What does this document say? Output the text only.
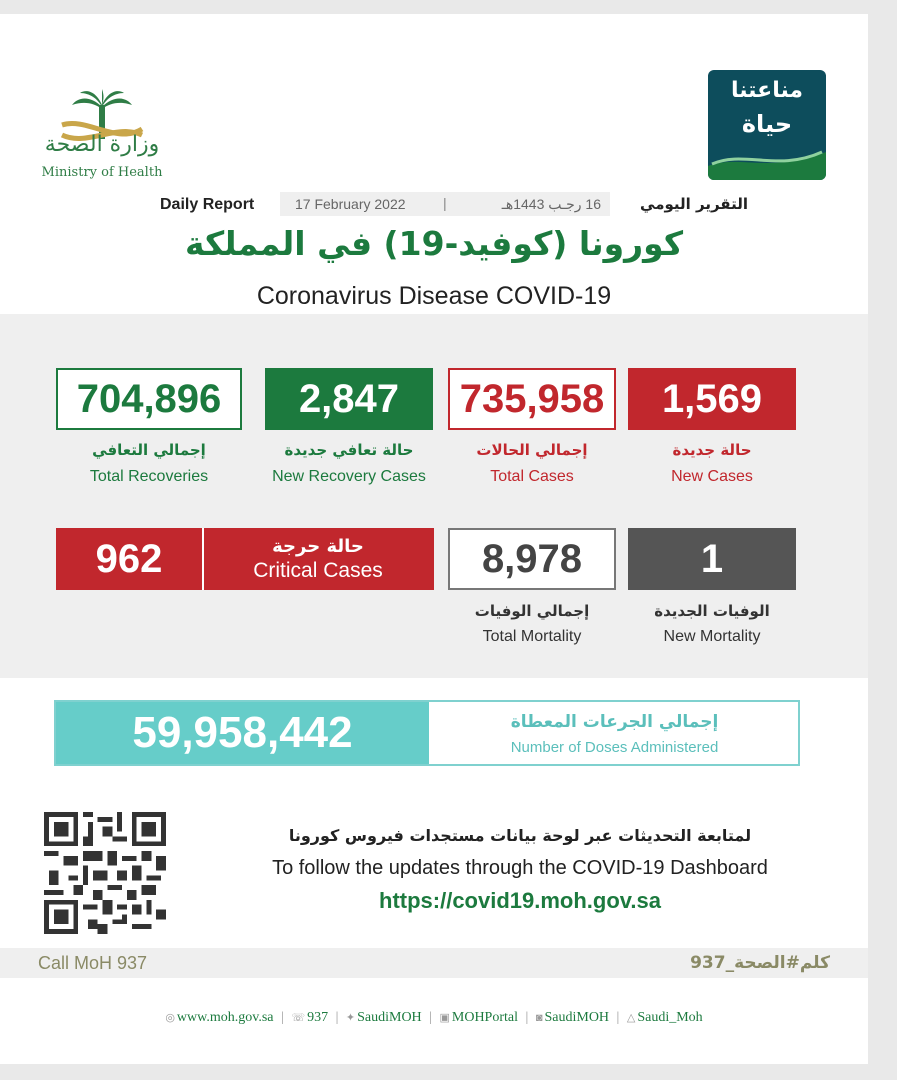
وزارة الصحة
Ministry of Health
مناعتنا
حياة
Daily Report	17 February 2022	|	16 رجـب 1443هـ	التقرير اليومي
كورونا (كوفيد-19) في المملكة
Coronavirus Disease COVID-19
704,896
إجمالي التعافي
Total Recoveries
2,847
حالة تعافي جديدة
New Recovery Cases
735,958
إجمالي الحالات
Total Cases
1,569
حالة جديدة
New Cases
962	حالة حرجة
Critical Cases	8,978
إجمالي الوفيات
Total Mortality
1
الوفيات الجديدة
New Mortality
59,958,442	إجمالي الجرعات المعطاة
Number of Doses Administered
لمتابعة التحديثات عبر لوحة بيانات مستجدات فيروس كورونا
To follow the updates through the COVID-19 Dashboard
https://covid19.moh.gov.sa
Call MoH 937	كلم#الصحة_937
◎ www.moh.gov.sa | ☏ 937 | ✦ SaudiMOH | ▣ MOHPortal | ◙ SaudiMOH | △ Saudi_Moh
